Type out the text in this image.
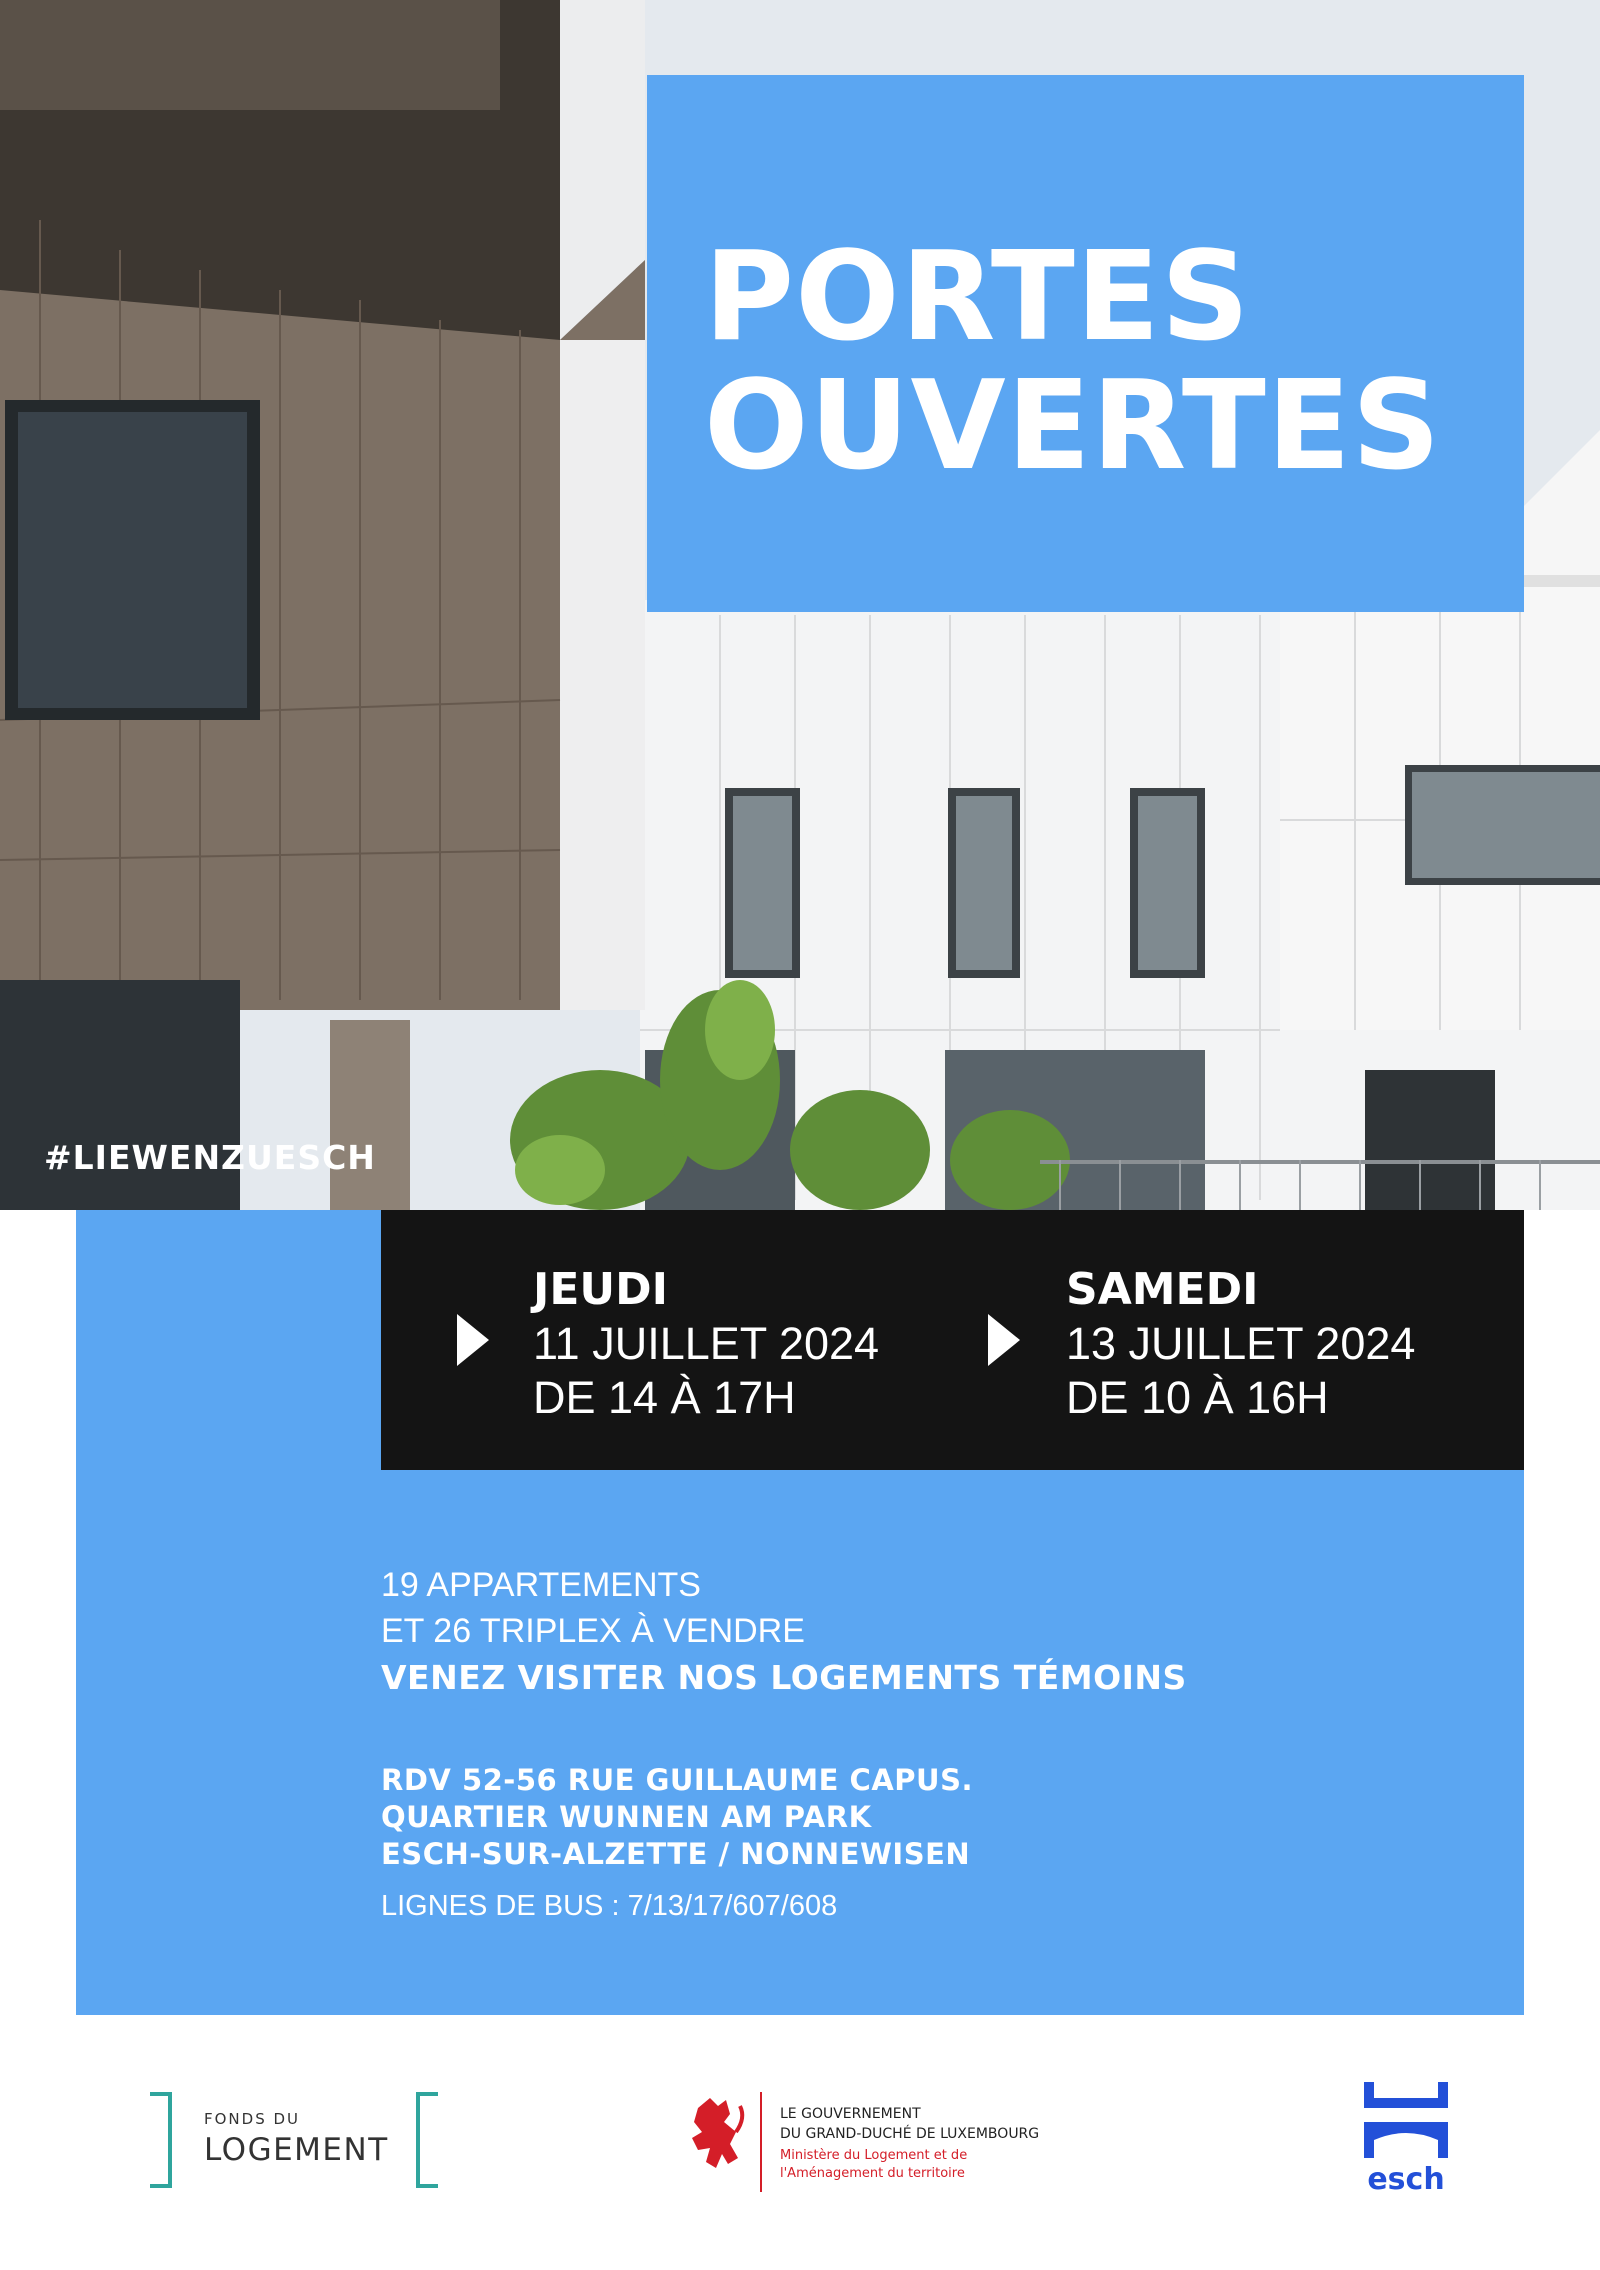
PORTES
OUVERTES
#LIEWENZUESCH
JEUDI
11 JUILLET 2024
DE 14 À 17H
SAMEDI
13 JUILLET 2024
DE 10 À 16H
19 APPARTEMENTS
ET 26 TRIPLEX À VENDRE
VENEZ VISITER NOS LOGEMENTS TÉMOINS
RDV 52-56 RUE GUILLAUME CAPUS.
QUARTIER WUNNEN AM PARK
ESCH-SUR-ALZETTE / NONNEWISEN
LIGNES DE BUS : 7/13/17/607/608
FONDS DU
LOGEMENT
LE GOUVERNEMENT
DU GRAND-DUCHÉ DE LUXEMBOURG
Ministère du Logement et de
l'Aménagement du territoire	esch
